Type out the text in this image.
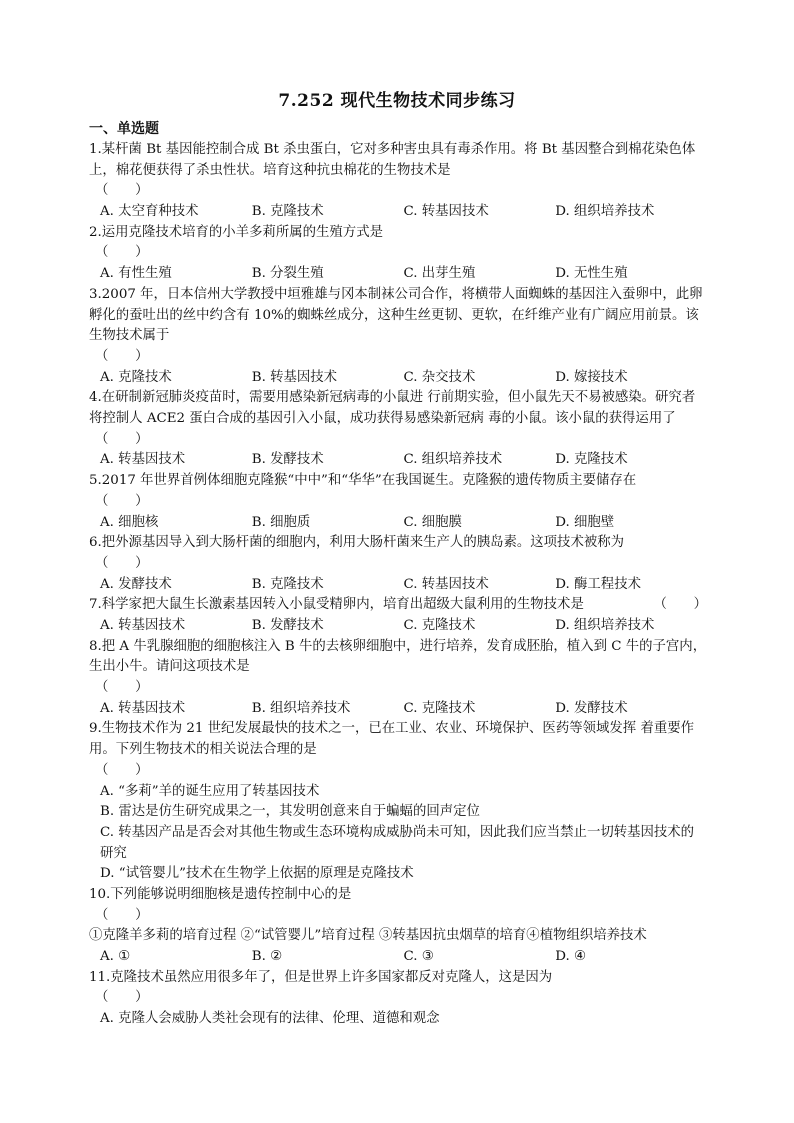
7.252 现代生物技术同步练习
一、单选题
1.某杆菌 Bt 基因能控制合成 Bt 杀虫蛋白，它对多种害虫具有毒杀作用。将 Bt 基因整合到棉花染色体上，棉花便获得了杀虫性状。培育这种抗虫棉花的生物技术是
（　　）
A. 太空育种技术	B. 克隆技术	C. 转基因技术	D. 组织培养技术
2.运用克隆技术培育的小羊多莉所属的生殖方式是
（　　）
A. 有性生殖	B. 分裂生殖	C. 出芽生殖	D. 无性生殖
3.2007 年，日本信州大学教授中垣雅雄与冈本制袜公司合作，将横带人面蜘蛛的基因注入蚕卵中，此卵孵化的蚕吐出的丝中约含有 10%的蜘蛛丝成分，这种生丝更韧、更软，在纤维产业有广阔应用前景。该生物技术属于
（　　）
A. 克隆技术	B. 转基因技术	C. 杂交技术	D. 嫁接技术
4.在研制新冠肺炎疫苗时，需要用感染新冠病毒的小鼠进 行前期实验，但小鼠先天不易被感染。研究者将控制人 ACE2 蛋白合成的基因引入小鼠，成功获得易感染新冠病 毒的小鼠。该小鼠的获得运用了
（　　）
A. 转基因技术	B. 发酵技术	C. 组织培养技术	D. 克隆技术
5.2017 年世界首例体细胞克隆猴“中中”和“华华”在我国诞生。克隆猴的遗传物质主要储存在
（　　）
A. 细胞核	B. 细胞质	C. 细胞膜	D. 细胞壁
6.把外源基因导入到大肠杆菌的细胞内，利用大肠杆菌来生产人的胰岛素。这项技术被称为
（　　）
A. 发酵技术	B. 克隆技术	C. 转基因技术	D. 酶工程技术
7.科学家把大鼠生长激素基因转入小鼠受精卵内，培育出超级大鼠利用的生物技术是	（　　）
A. 转基因技术	B. 发酵技术	C. 克隆技术	D. 组织培养技术
8.把 A 牛乳腺细胞的细胞核注入 B 牛的去核卵细胞中，进行培养，发育成胚胎，植入到 C 牛的子宫内，生出小牛。请问这项技术是
（　　）
A. 转基因技术	B. 组织培养技术	C. 克隆技术	D. 发酵技术
9.生物技术作为 21 世纪发展最快的技术之一，已在工业、农业、环境保护、医药等领域发挥 着重要作用。下列生物技术的相关说法合理的是
（　　）
A. “多莉”羊的诞生应用了转基因技术
B. 雷达是仿生研究成果之一，其发明创意来自于蝙蝠的回声定位
C. 转基因产品是否会对其他生物或生态环境构成威胁尚未可知，因此我们应当禁止一切转基因技术的研究
D. “试管婴儿”技术在生物学上依据的原理是克隆技术
10.下列能够说明细胞核是遗传控制中心的是
（　　）
①克隆羊多莉的培育过程 ②“试管婴儿”培育过程 ③转基因抗虫烟草的培育④植物组织培养技术
A. ①	B. ②	C. ③	D. ④
11.克隆技术虽然应用很多年了，但是世界上许多国家都反对克隆人，这是因为
（　　）
A. 克隆人会威胁人类社会现有的法律、伦理、道德和观念
